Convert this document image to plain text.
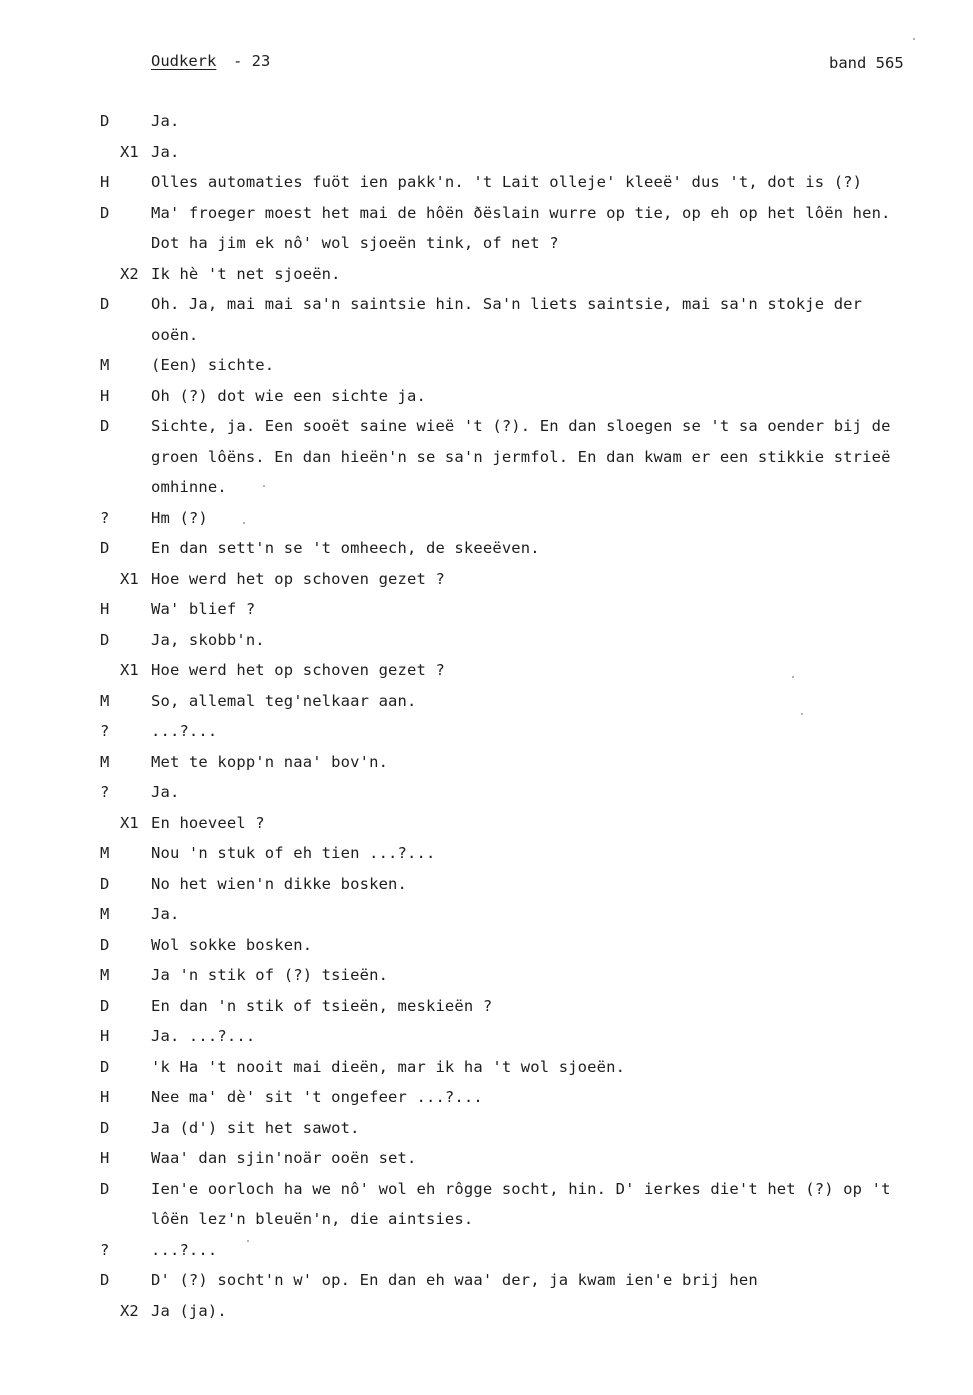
Oudkerk - 23	band 565
D	Ja.
X1 Ja.
H	Olles automaties fuöt ien pakk'n. 't Lait olleje' kleeë' dus 't, dot is (?)
D	Ma' froeger moest het mai de hôën ðëslain wurre op tie, op eh op het lôën hen.
Dot ha jim ek nô' wol sjoeën tink, of net ?
X2 Ik hè 't net sjoeën.
D	Oh. Ja, mai mai sa'n saintsie hin. Sa'n liets saintsie, mai sa'n stokje der
ooën.
M	(Een) sichte.
H	Oh (?) dot wie een sichte ja.
D	Sichte, ja. Een sooët saine wieë 't (?). En dan sloegen se 't sa oender bij de
groen lôëns. En dan hieën'n se sa'n jermfol. En dan kwam er een stikkie strieë
omhinne.
?	Hm (?)
D	En dan sett'n se 't omheech, de skeeëven.
X1 Hoe werd het op schoven gezet ?
H	Wa' blief ?
D	Ja, skobb'n.
X1 Hoe werd het op schoven gezet ?
M	So, allemal teg'nelkaar aan.
?	...?...
M	Met te kopp'n naa' bov'n.
?	Ja.
X1 En hoeveel ?
M	Nou 'n stuk of eh tien ...?...
D	No het wien'n dikke bosken.
M	Ja.
D	Wol sokke bosken.
M	Ja 'n stik of (?) tsieën.
D	En dan 'n stik of tsieën, meskieën ?
H	Ja. ...?...
D	'k Ha 't nooit mai dieën, mar ik ha 't wol sjoeën.
H	Nee ma' dè' sit 't ongefeer ...?...
D	Ja (d') sit het sawot.
H	Waa' dan sjin'noär ooën set.
D	Ien'e oorloch ha we nô' wol eh rôgge socht, hin. D' ierkes die't het (?) op 't
lôën lez'n bleuën'n, die aintsies.
?	...?...
D	D' (?) socht'n w' op. En dan eh waa' der, ja kwam ien'e brij hen
X2 Ja (ja).
